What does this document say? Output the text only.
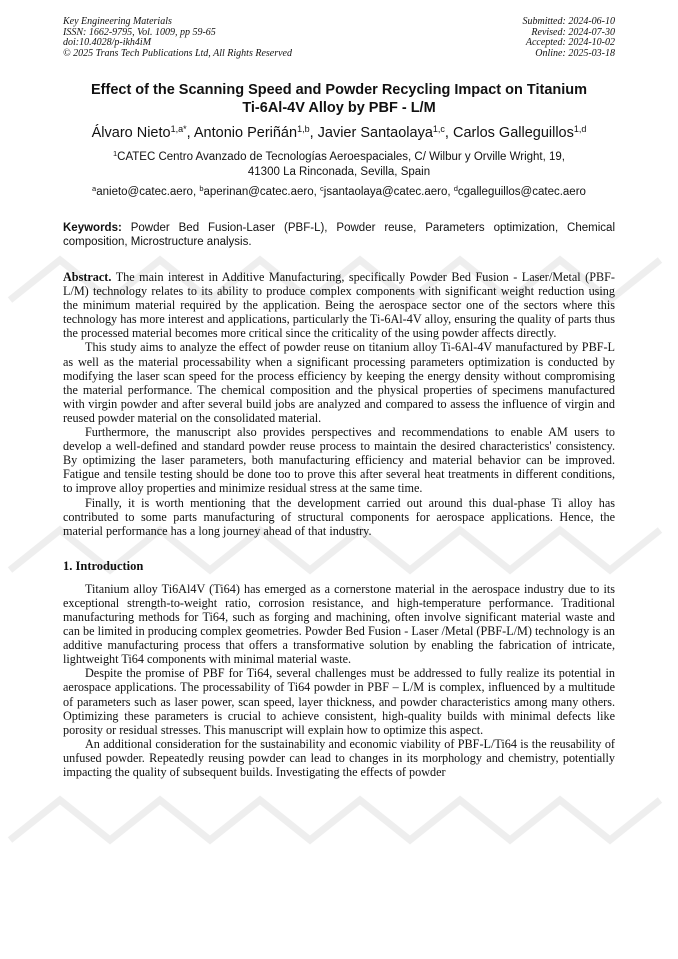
Key Engineering Materials
ISSN: 1662-9795, Vol. 1009, pp 59-65
doi:10.4028/p-ikh4iM
© 2025 Trans Tech Publications Ltd, All Rights Reserved
Submitted: 2024-06-10
Revised: 2024-07-30
Accepted: 2024-10-02
Online: 2025-03-18
Effect of the Scanning Speed and Powder Recycling Impact on Titanium
Ti-6Al-4V Alloy by PBF - L/M
Álvaro Nieto$^{1,a*}$, Antonio Periñán$^{1,b}$, Javier Santaolaya$^{1,c}$, Carlos Galleguillos$^{1,d}$
$^1$CATEC Centro Avanzado de Tecnologías Aeroespaciales, C/ Wilbur y Orville Wright, 19,
41300 La Rinconada, Sevilla, Spain
$^a$anieto@catec.aero, $^b$aperinan@catec.aero, $^c$jsantaolaya@catec.aero, $^d$cgalleguillos@catec.aero
Keywords: Powder Bed Fusion-Laser (PBF-L), Powder reuse, Parameters optimization, Chemical composition, Microstructure analysis.

Abstract. The main interest in Additive Manufacturing, specifically Powder Bed Fusion - Laser/Metal (PBF-L/M) technology relates to its ability to produce complex components with significant weight reduction using the minimum material required by the application. Being the aerospace sector one of the sectors where this technology has more interest and applications, particularly the Ti-6Al-4V alloy, ensuring the quality of parts thus the processed material becomes more critical since the criticality of the using powder affects directly.

This study aims to analyze the effect of powder reuse on titanium alloy Ti-6Al-4V manufactured by PBF-L as well as the material processability when a significant processing parameters optimization is conducted by modifying the laser scan speed for the process efficiency by keeping the energy density without compromising the material performance. The chemical composition and the physical properties of specimens manufactured with virgin powder and after several build jobs are analyzed and compared to assess the influence of virgin and reused powder material on the consolidated material.

Furthermore, the manuscript also provides perspectives and recommendations to enable AM users to develop a well-defined and standard powder reuse process to maintain the desired characteristics' consistency. By optimizing the laser parameters, both manufacturing efficiency and material behavior can be improved. Fatigue and tensile testing should be done too to prove this after several heat treatments in different conditions, to improve alloy properties and minimize residual stress at the same time.

Finally, it is worth mentioning that the development carried out around this dual-phase Ti alloy has contributed to some parts manufacturing of structural components for aerospace applications. Hence, the material performance has a long journey ahead of that industry.

1. Introduction

Titanium alloy Ti6Al4V (Ti64) has emerged as a cornerstone material in the aerospace industry due to its exceptional strength-to-weight ratio, corrosion resistance, and high-temperature performance. Traditional manufacturing methods for Ti64, such as forging and machining, often involve significant material waste and can be limited in producing complex geometries. Powder Bed Fusion - Laser /Metal (PBF-L/M) technology is an additive manufacturing process that offers a transformative solution by enabling the fabrication of intricate, lightweight Ti64 components with minimal material waste.

Despite the promise of PBF for Ti64, several challenges must be addressed to fully realize its potential in aerospace applications. The processability of Ti64 powder in PBF – L/M is complex, influenced by a multitude of parameters such as laser power, scan speed, layer thickness, and powder characteristics among many others. Optimizing these parameters is crucial to achieve consistent, high-quality builds with minimal defects like porosity or residual stresses. This manuscript will explain how to optimize this aspect.

An additional consideration for the sustainability and economic viability of PBF-L/Ti64 is the reusability of unfused powder. Repeatedly reusing powder can lead to changes in its morphology and chemistry, potentially impacting the quality of subsequent builds. Investigating the effects of powder
